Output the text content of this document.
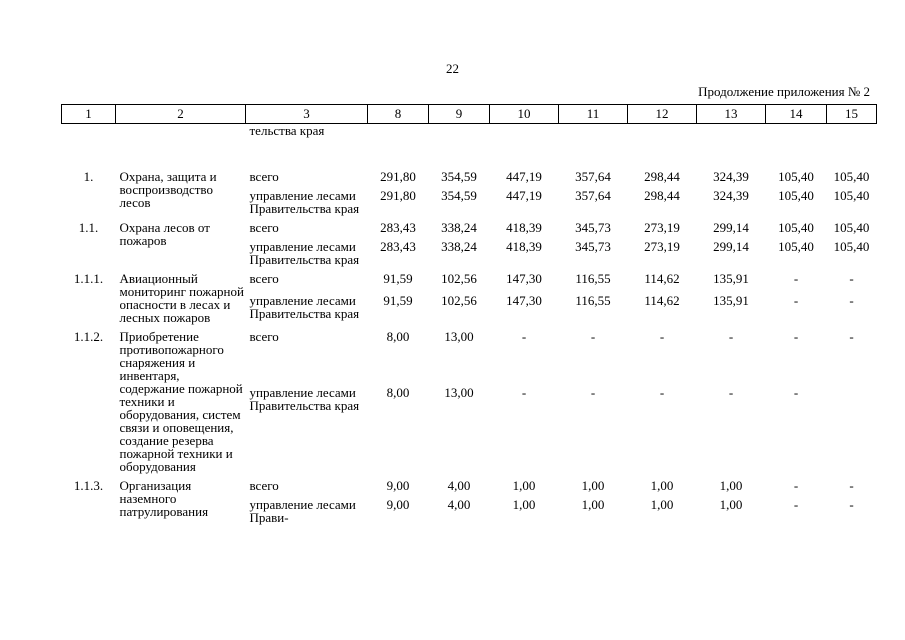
22
Продолжение приложения № 2
1	2	3	8	9	10	11	12	13	14	15
		тельства края								
1.	Охрана, защита и воспроизводство лесов	всего	291,80	354,59	447,19	357,64	298,44	324,39	105,40	105,40
		управление лесами Правительства края	291,80	354,59	447,19	357,64	298,44	324,39	105,40	105,40
1.1.	Охрана лесов от пожаров	всего	283,43	338,24	418,39	345,73	273,19	299,14	105,40	105,40
		управление лесами Правительства края	283,43	338,24	418,39	345,73	273,19	299,14	105,40	105,40
1.1.1.	Авиационный мониторинг пожарной опасности в лесах и лесных пожаров	всего	91,59	102,56	147,30	116,55	114,62	135,91	-	-
		управление лесами Правительства края	91,59	102,56	147,30	116,55	114,62	135,91	-	-
1.1.2.	Приобретение противопожарного снаряжения и инвентаря, содержание пожарной техники и оборудования, систем связи и оповещения, создание резерва пожарной техники и оборудования	всего	8,00	13,00	-	-	-	-	-	-
		управление лесами Правительства края	8,00	13,00	-	-	-	-	-	
1.1.3.	Организация наземного патрулирования	всего	9,00	4,00	1,00	1,00	1,00	1,00	-	-
		управление лесами Прави-	9,00	4,00	1,00	1,00	1,00	1,00	-	-
